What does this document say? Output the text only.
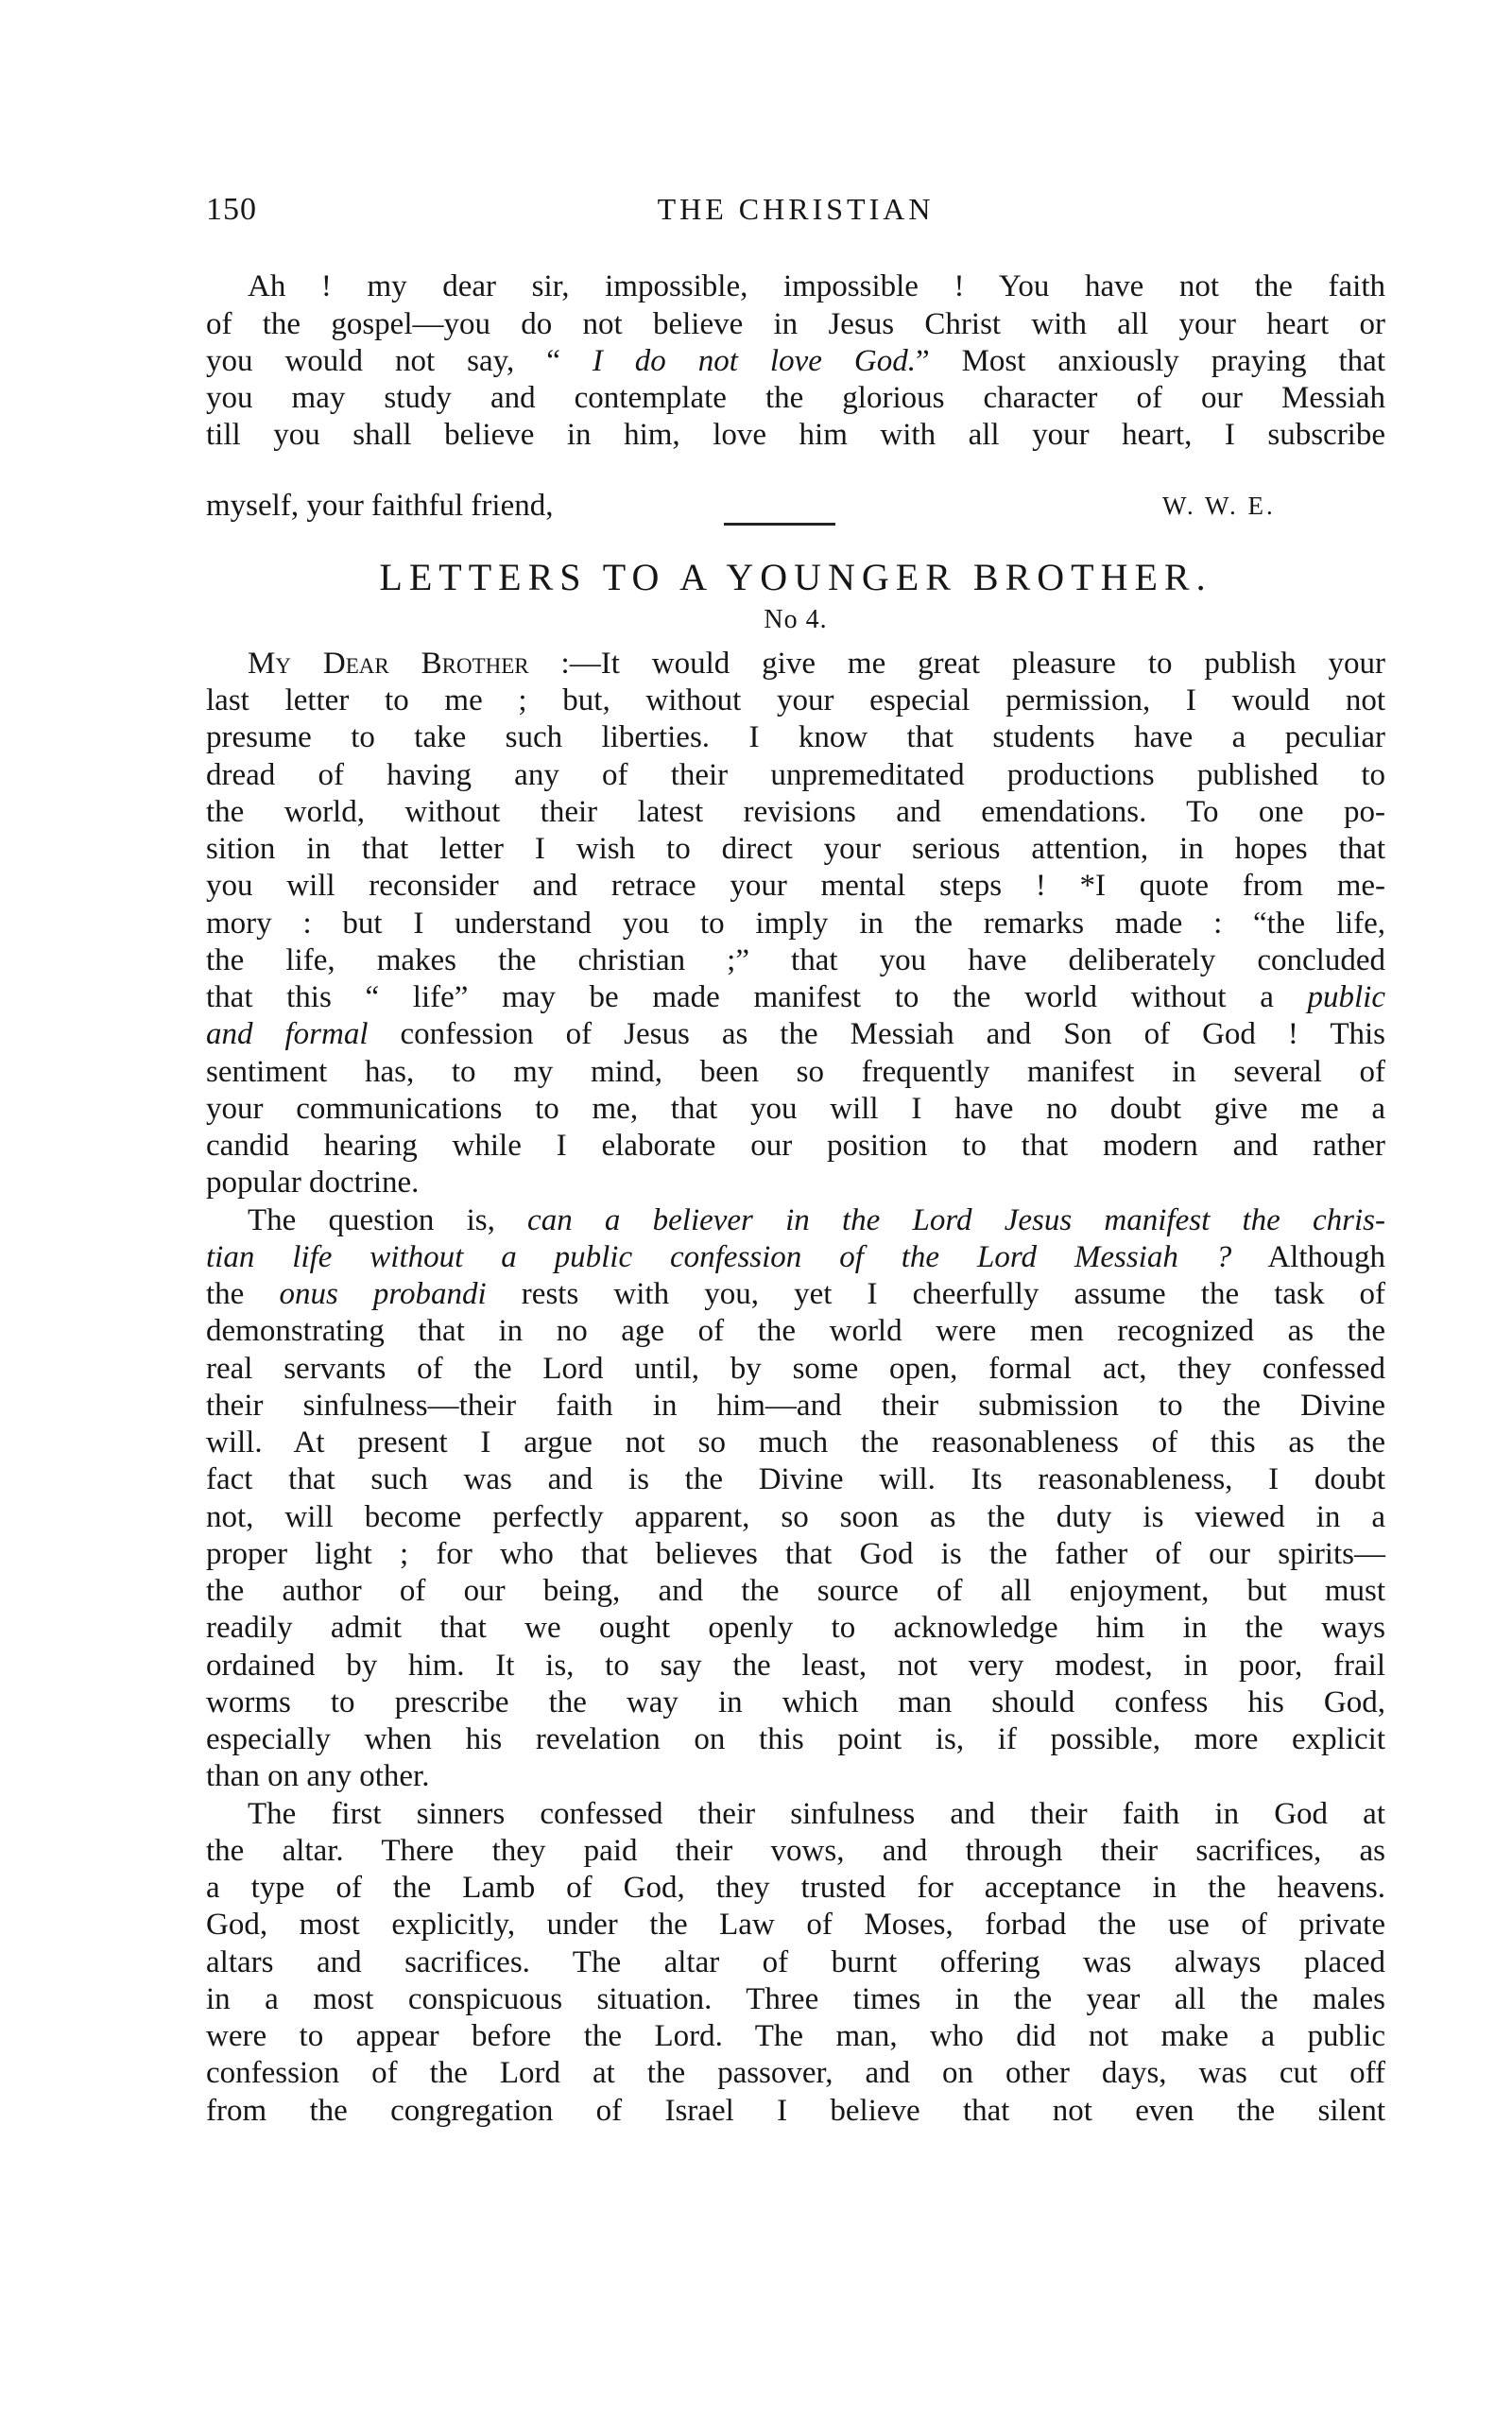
150	THE CHRISTIAN
Ah ! my dear sir, impossible, impossible ! You have not the faith
of the gospel—you do not believe in Jesus Christ with all your heart or
you would not say, “ I do not love God.” Most anxiously praying that
you may study and contemplate the glorious character of our Messiah
till you shall believe in him, love him with all your heart, I subscribe
myself, your faithful friend,	W. W. E.
LETTERS TO A YOUNGER BROTHER.
No 4.
My Dear Brother :—It would give me great pleasure to publish your
last letter to me ; but, without your especial permission, I would not
presume to take such liberties. I know that students have a peculiar
dread of having any of their unpremeditated productions published to
the world, without their latest revisions and emendations. To one po-
sition in that letter I wish to direct your serious attention, in hopes that
you will reconsider and retrace your mental steps ! *I quote from me-
mory : but I understand you to imply in the remarks made : “the life,
the life, makes the christian ;” that you have deliberately concluded
that this “ life” may be made manifest to the world without a public
and formal confession of Jesus as the Messiah and Son of God ! This
sentiment has, to my mind, been so frequently manifest in several of
your communications to me, that you will I have no doubt give me a
candid hearing while I elaborate our position to that modern and rather
popular doctrine.
The question is, can a believer in the Lord Jesus manifest the chris-
tian life without a public confession of the Lord Messiah ? Although
the onus probandi rests with you, yet I cheerfully assume the task of
demonstrating that in no age of the world were men recognized as the
real servants of the Lord until, by some open, formal act, they confessed
their sinfulness—their faith in him—and their submission to the Divine
will. At present I argue not so much the reasonableness of this as the
fact that such was and is the Divine will. Its reasonableness, I doubt
not, will become perfectly apparent, so soon as the duty is viewed in a
proper light ; for who that believes that God is the father of our spirits—
the author of our being, and the source of all enjoyment, but must
readily admit that we ought openly to acknowledge him in the ways
ordained by him. It is, to say the least, not very modest, in poor, frail
worms to prescribe the way in which man should confess his God,
especially when his revelation on this point is, if possible, more explicit
than on any other.
The first sinners confessed their sinfulness and their faith in God at
the altar. There they paid their vows, and through their sacrifices, as
a type of the Lamb of God, they trusted for acceptance in the heavens.
God, most explicitly, under the Law of Moses, forbad the use of private
altars and sacrifices. The altar of burnt offering was always placed
in a most conspicuous situation. Three times in the year all the males
were to appear before the Lord. The man, who did not make a public
confession of the Lord at the passover, and on other days, was cut off
from the congregation of Israel I believe that not even the silent
